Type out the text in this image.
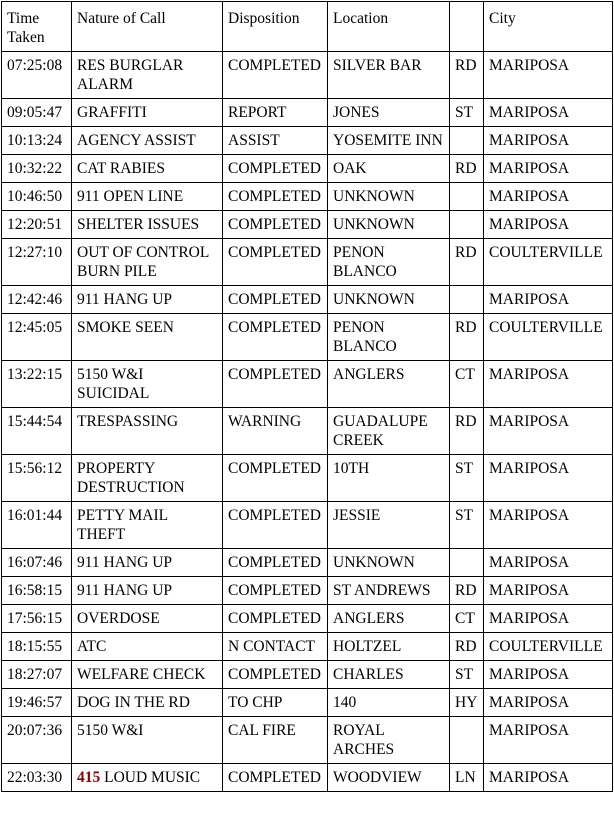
Time
Taken	Nature of Call	Disposition	Location		City
07:25:08	RES BURGLAR ALARM	COMPLETED	SILVER BAR	RD	MARIPOSA
09:05:47	GRAFFITI	REPORT	JONES	ST	MARIPOSA
10:13:24	AGENCY ASSIST	ASSIST	YOSEMITE INN		MARIPOSA
10:32:22	CAT RABIES	COMPLETED	OAK	RD	MARIPOSA
10:46:50	911 OPEN LINE	COMPLETED	UNKNOWN		MARIPOSA
12:20:51	SHELTER ISSUES	COMPLETED	UNKNOWN		MARIPOSA
12:27:10	OUT OF CONTROL BURN PILE	COMPLETED	PENON BLANCO	RD	COULTERVILLE
12:42:46	911 HANG UP	COMPLETED	UNKNOWN		MARIPOSA
12:45:05	SMOKE SEEN	COMPLETED	PENON BLANCO	RD	COULTERVILLE
13:22:15	5150 W&I SUICIDAL	COMPLETED	ANGLERS	CT	MARIPOSA
15:44:54	TRESPASSING	WARNING	GUADALUPE CREEK	RD	MARIPOSA
15:56:12	PROPERTY DESTRUCTION	COMPLETED	10TH	ST	MARIPOSA
16:01:44	PETTY MAIL THEFT	COMPLETED	JESSIE	ST	MARIPOSA
16:07:46	911 HANG UP	COMPLETED	UNKNOWN		MARIPOSA
16:58:15	911 HANG UP	COMPLETED	ST ANDREWS	RD	MARIPOSA
17:56:15	OVERDOSE	COMPLETED	ANGLERS	CT	MARIPOSA
18:15:55	ATC	N CONTACT	HOLTZEL	RD	COULTERVILLE
18:27:07	WELFARE CHECK	COMPLETED	CHARLES	ST	MARIPOSA
19:46:57	DOG IN THE RD	TO CHP	140	HY	MARIPOSA
20:07:36	5150 W&I	CAL FIRE	ROYAL ARCHES		MARIPOSA
22:03:30	415 LOUD MUSIC	COMPLETED	WOODVIEW	LN	MARIPOSA
